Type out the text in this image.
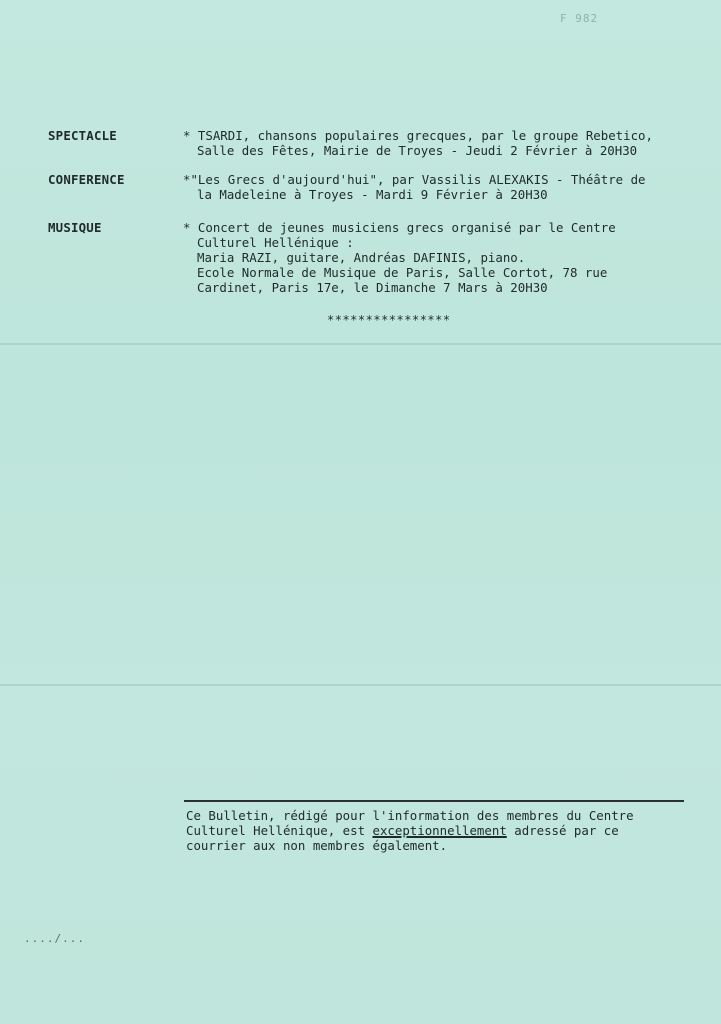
F 982
SPECTACLE	* TSARDI, chansons populaires grecques, par le groupe Rebetico,
Salle des Fêtes, Mairie de Troyes - Jeudi 2 Février à 20H30
CONFERENCE	*"Les Grecs d'aujourd'hui", par Vassilis ALEXAKIS - Théâtre de
la Madeleine à Troyes - Mardi 9 Février à 20H30
MUSIQUE	* Concert de jeunes musiciens grecs organisé par le Centre
Culturel Hellénique :
Maria RAZI, guitare, Andréas DAFINIS, piano.
Ecole Normale de Musique de Paris, Salle Cortot, 78 rue
Cardinet, Paris 17e, le Dimanche 7 Mars à 20H30
****************
Ce Bulletin, rédigé pour l'information des membres du Centre
Culturel Hellénique, est exceptionnellement adressé par ce
courrier aux non membres également.
..../...
